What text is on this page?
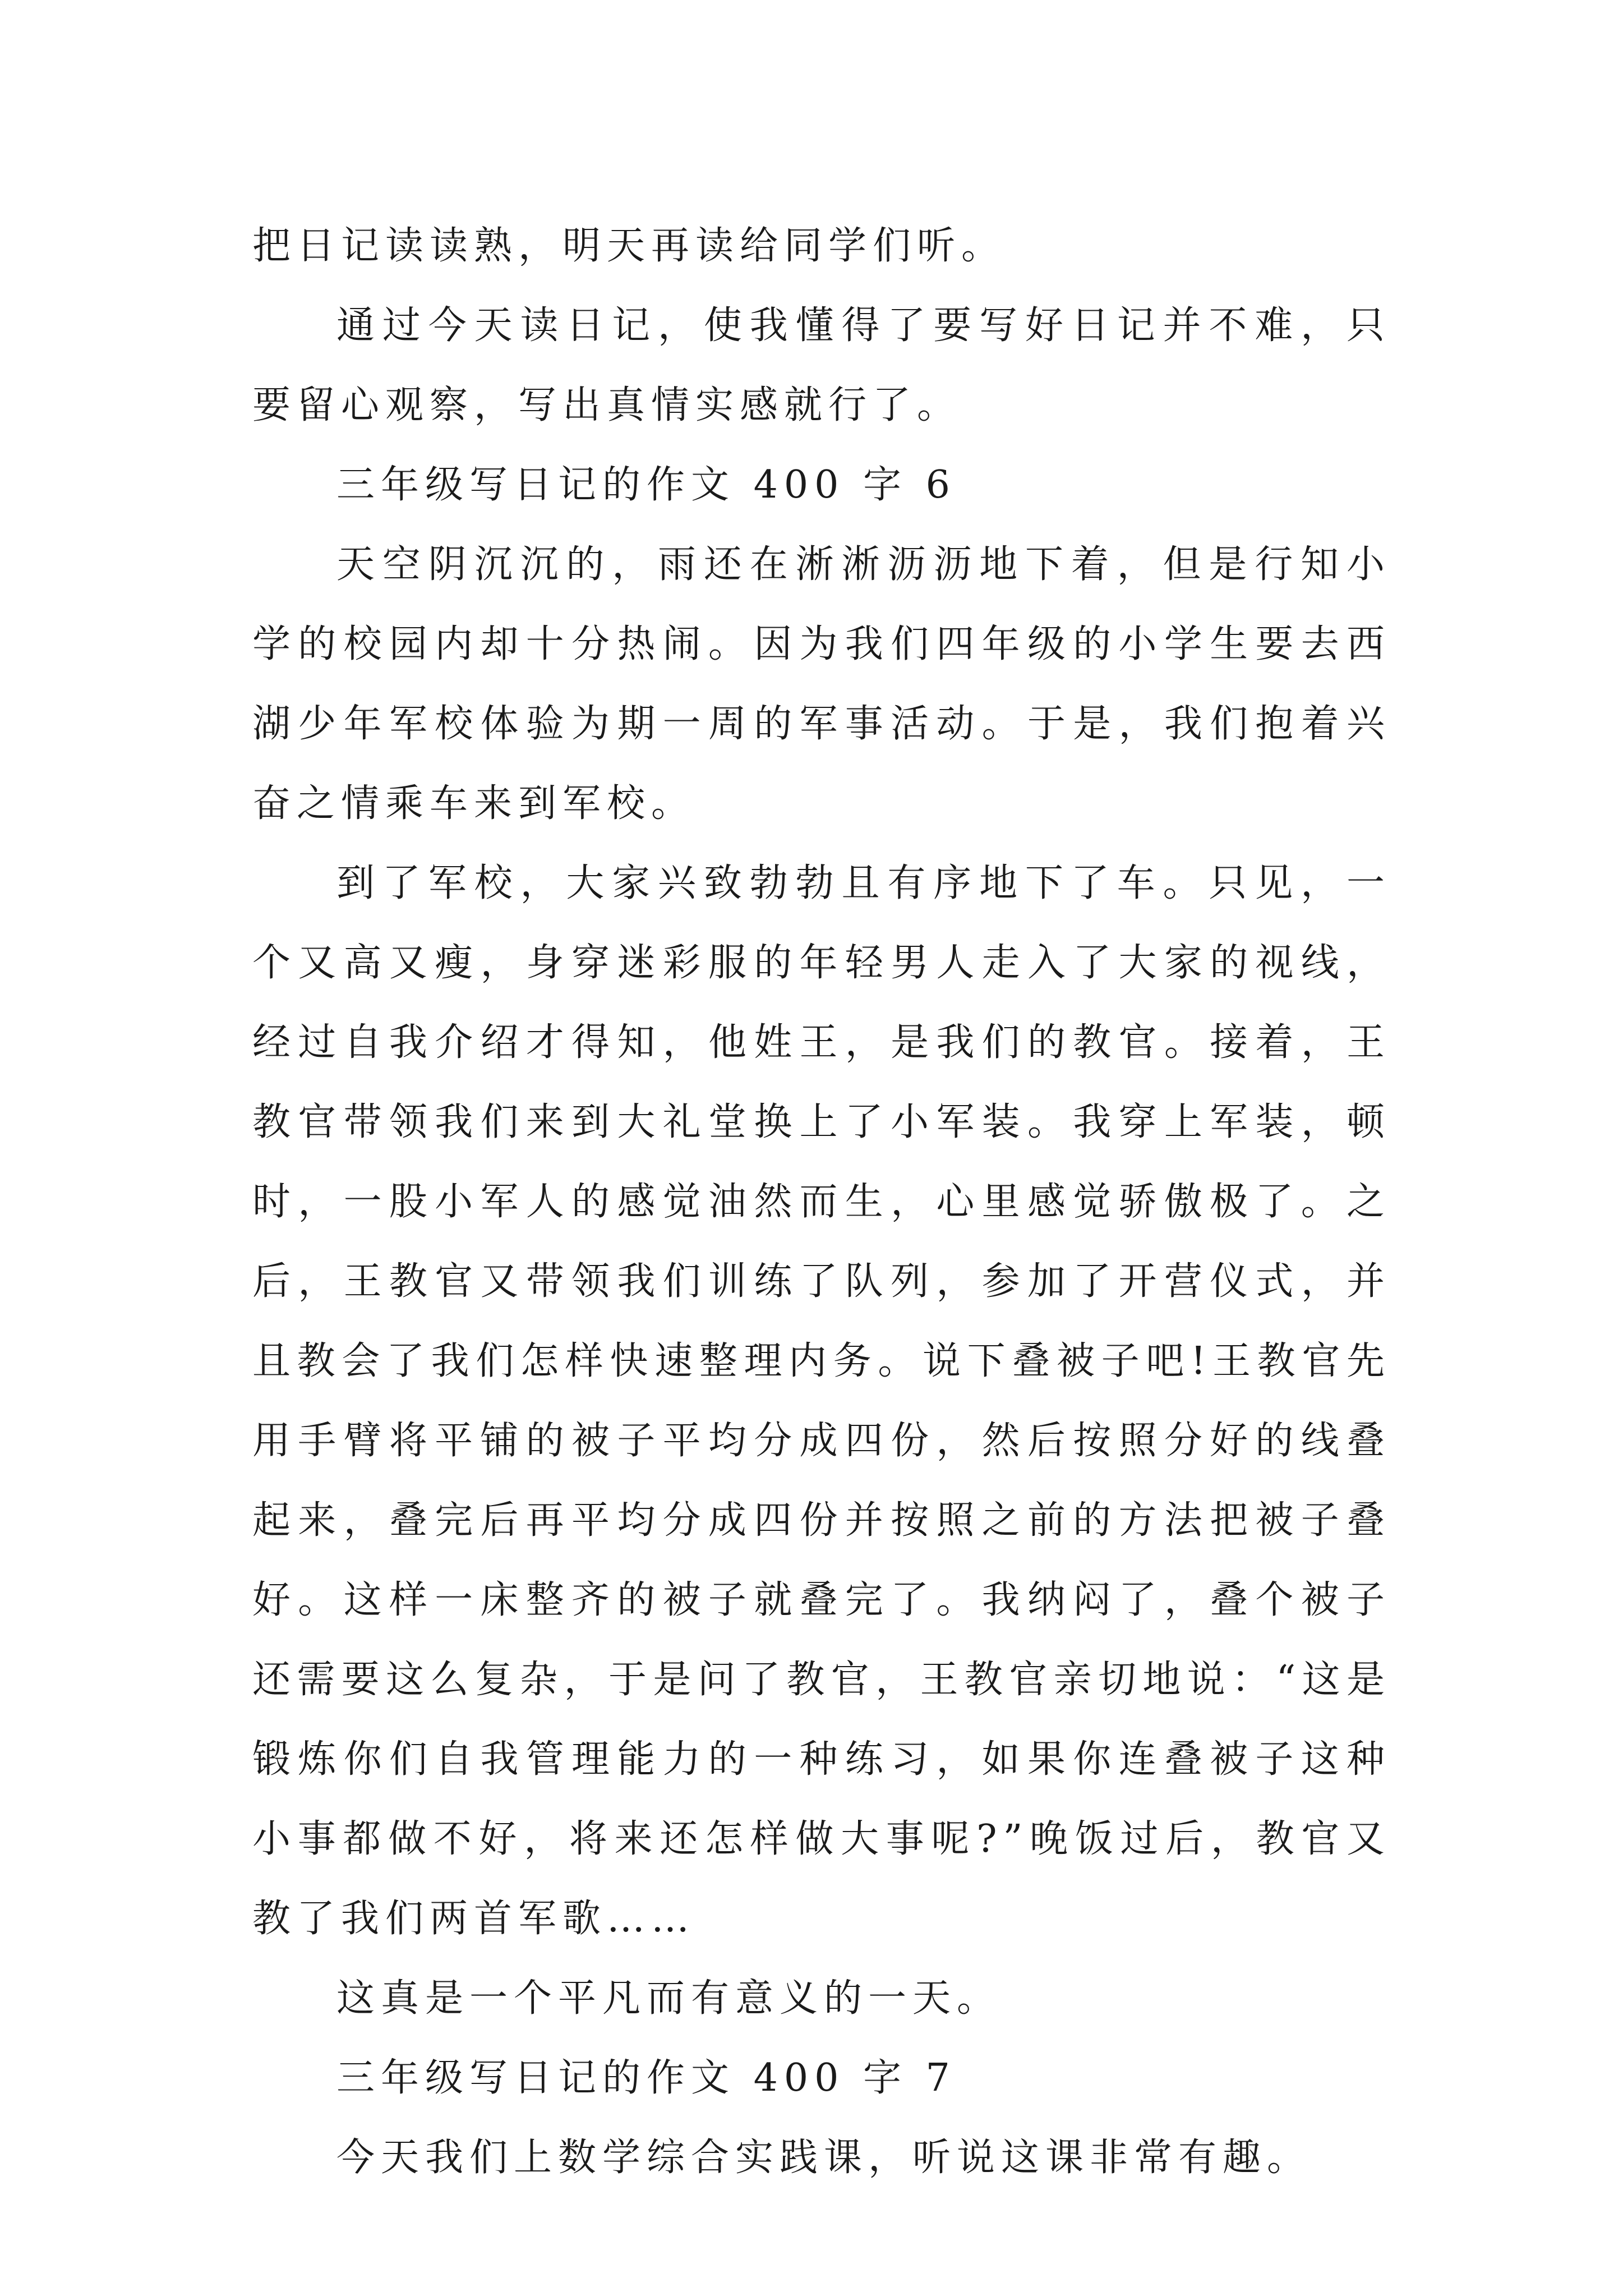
把日记读读熟，明天再读给同学们听。

通过今天读日记，使我懂得了要写好日记并不难，只要留心观察，写出真情实感就行了。

三年级写日记的作文 400 字 6

天空阴沉沉的，雨还在淅淅沥沥地下着，但是行知小学的校园内却十分热闹。因为我们四年级的小学生要去西湖少年军校体验为期一周的军事活动。于是，我们抱着兴奋之情乘车来到军校。

到了军校，大家兴致勃勃且有序地下了车。只见，一个又高又瘦，身穿迷彩服的年轻男人走入了大家的视线，经过自我介绍才得知，他姓王，是我们的教官。接着，王教官带领我们来到大礼堂换上了小军装。我穿上军装，顿时，一股小军人的感觉油然而生，心里感觉骄傲极了。之后，王教官又带领我们训练了队列，参加了开营仪式，并且教会了我们怎样快速整理内务。说下叠被子吧!王教官先用手臂将平铺的被子平均分成四份，然后按照分好的线叠起来，叠完后再平均分成四份并按照之前的方法把被子叠好。这样一床整齐的被子就叠完了。我纳闷了，叠个被子还需要这么复杂，于是问了教官，王教官亲切地说：“这是锻炼你们自我管理能力的一种练习，如果你连叠被子这种小事都做不好，将来还怎样做大事呢?”晚饭过后，教官又教了我们两首军歌……

这真是一个平凡而有意义的一天。

三年级写日记的作文 400 字 7

今天我们上数学综合实践课，听说这课非常有趣。
